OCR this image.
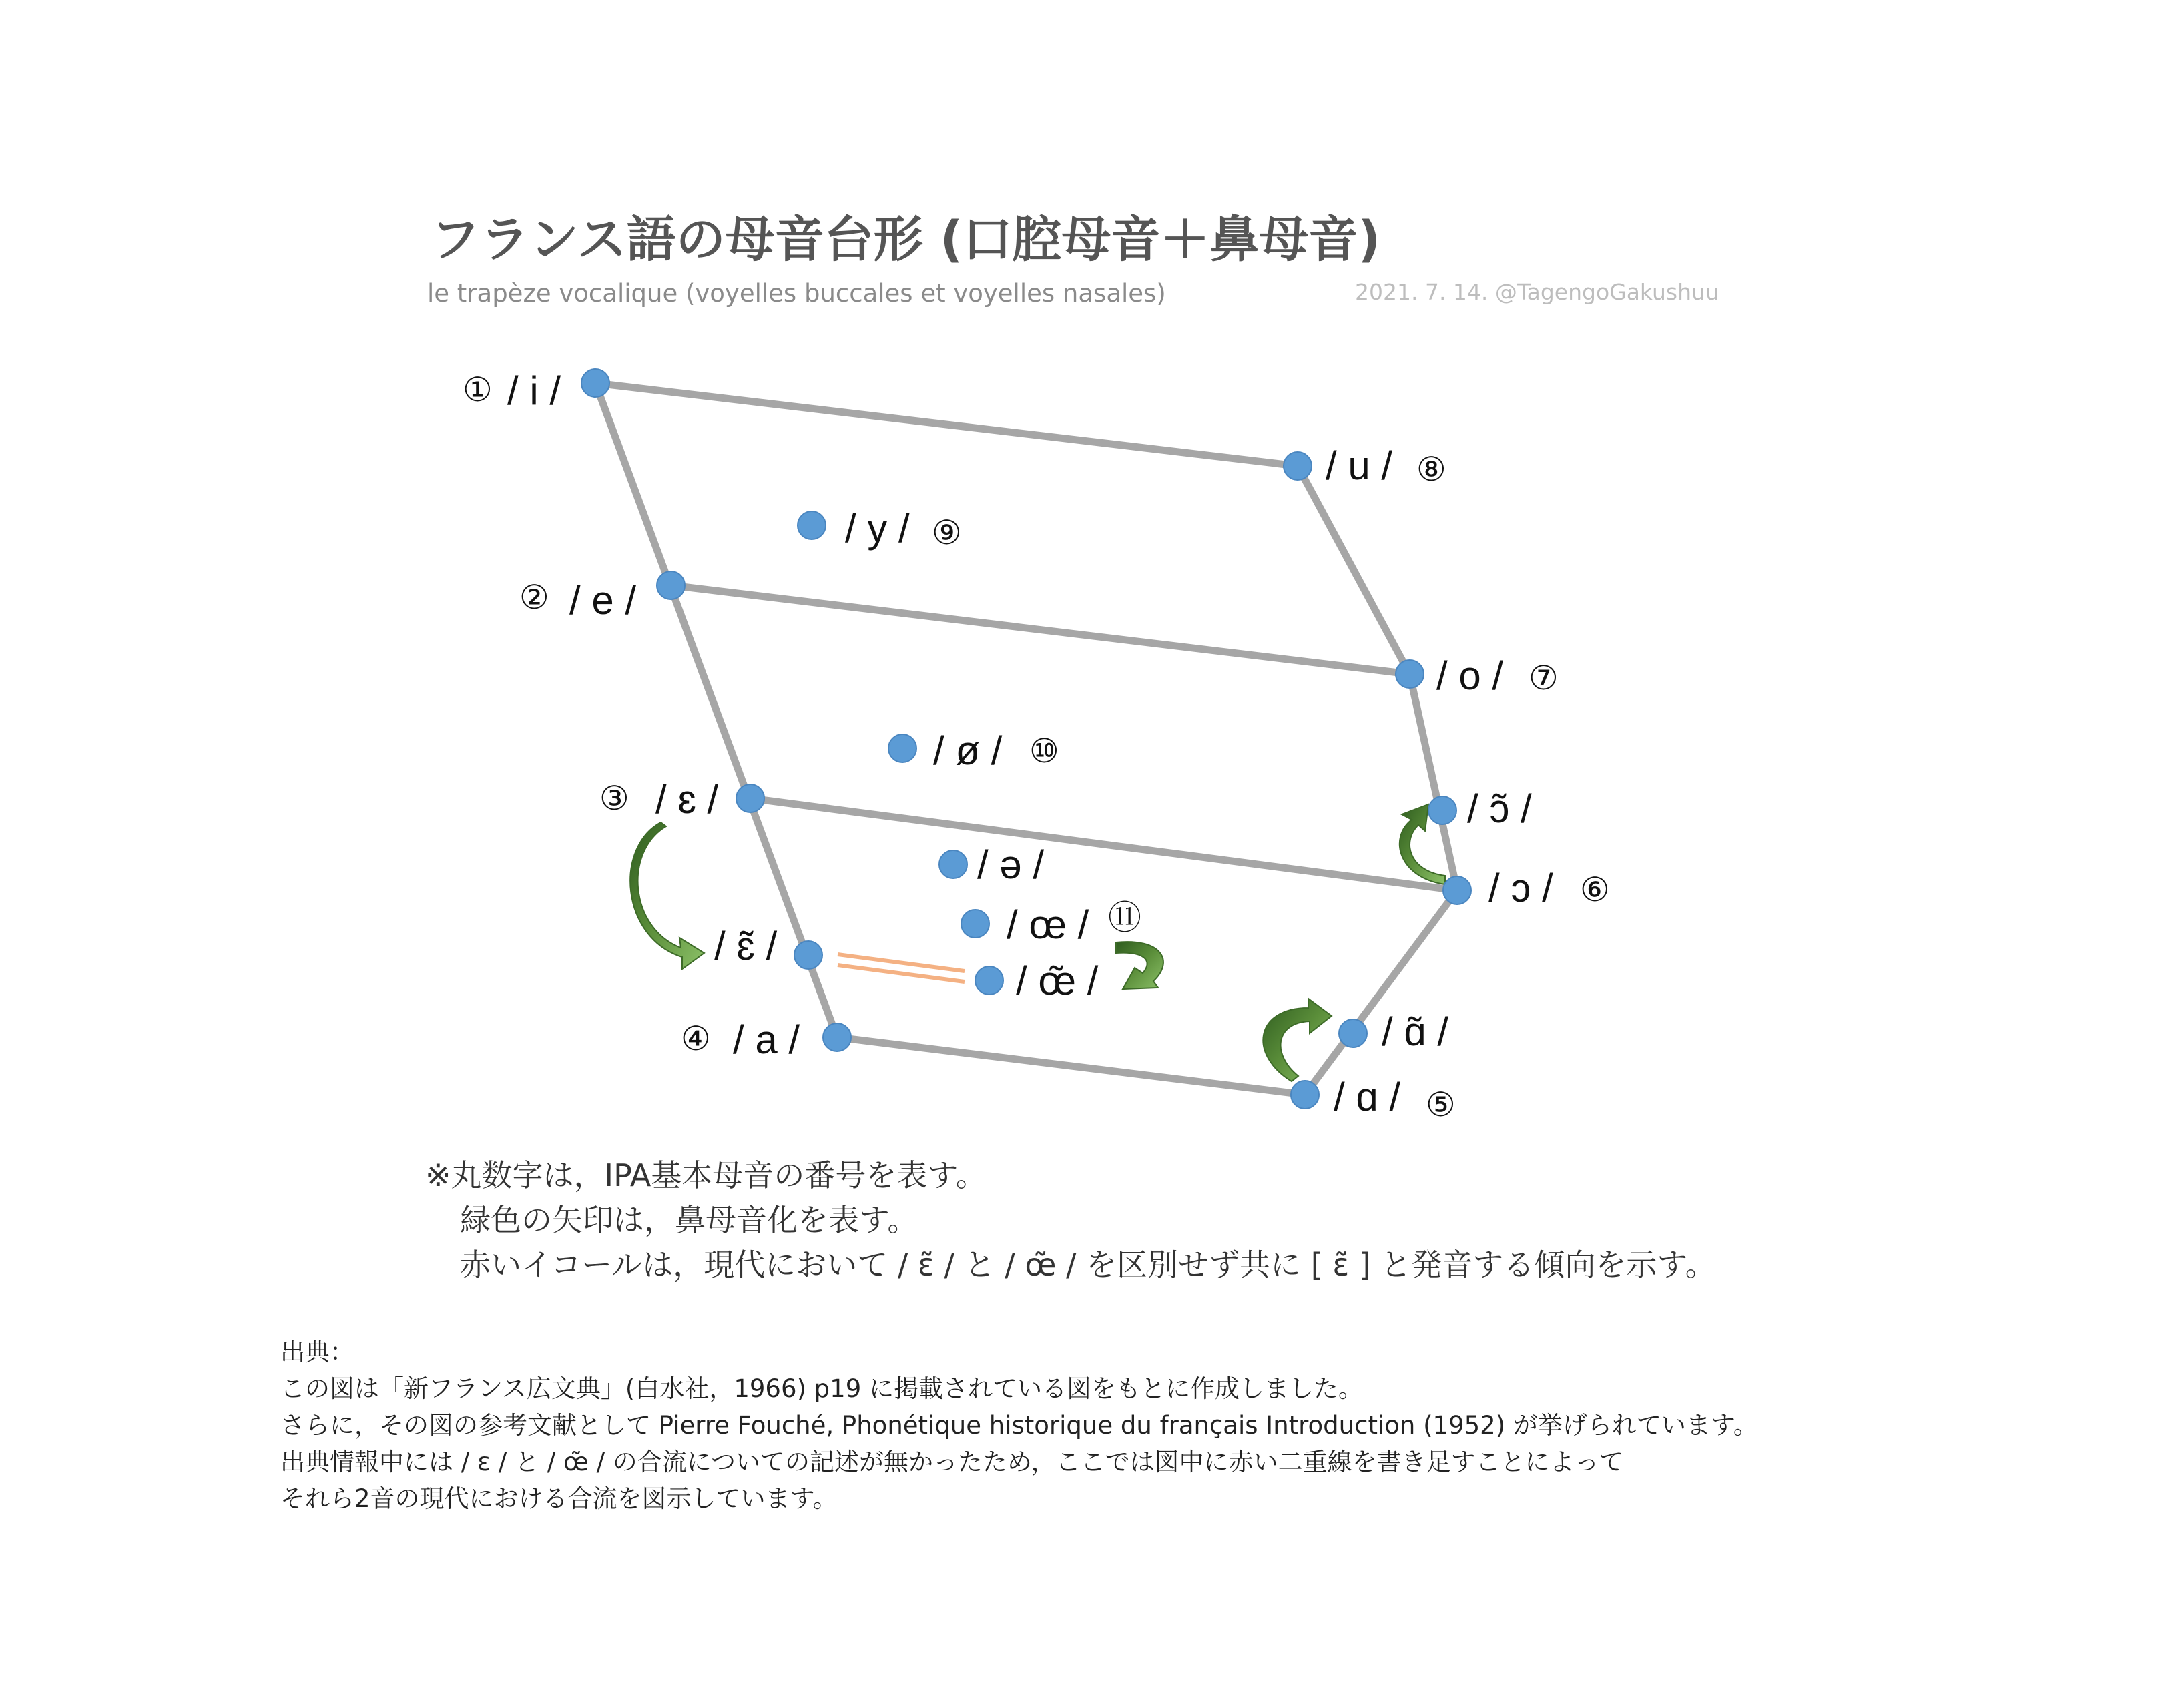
フランス語の母音台形 (口腔母音＋鼻母音)
le trapèze vocalique (voyelles buccales et voyelles nasales)	2021. 7. 14. @TagengoGakushuu
① / i /
/ u / ⑧
/ y / ⑨
② / e /
/ o / ⑦
/ ø / ⑩
③ / ɛ /	/ ɔ̃ /
/ ə /
/ ɔ / ⑥
/ œ / ⑪
/ ɛ̃ /
/ œ̃ /
/ ɑ̃ /
④ / a /
/ ɑ / ⑤
※丸数字は，IPA基本母音の番号を表す。
緑色の矢印は，鼻母音化を表す。
赤いイコールは，現代において / ɛ̃ / と / œ̃ / を区別せず共に [ ɛ̃ ] と発音する傾向を示す。
出典：
この図は「新フランス広文典」(白水社，1966) p19 に掲載されている図をもとに作成しました。
さらに，その図の参考文献として Pierre Fouché, Phonétique historique du français Introduction (1952) が挙げられています。
出典情報中には / ɛ / と / œ̃ / の合流についての記述が無かったため，ここでは図中に赤い二重線を書き足すことによって
それら2音の現代における合流を図示しています。
